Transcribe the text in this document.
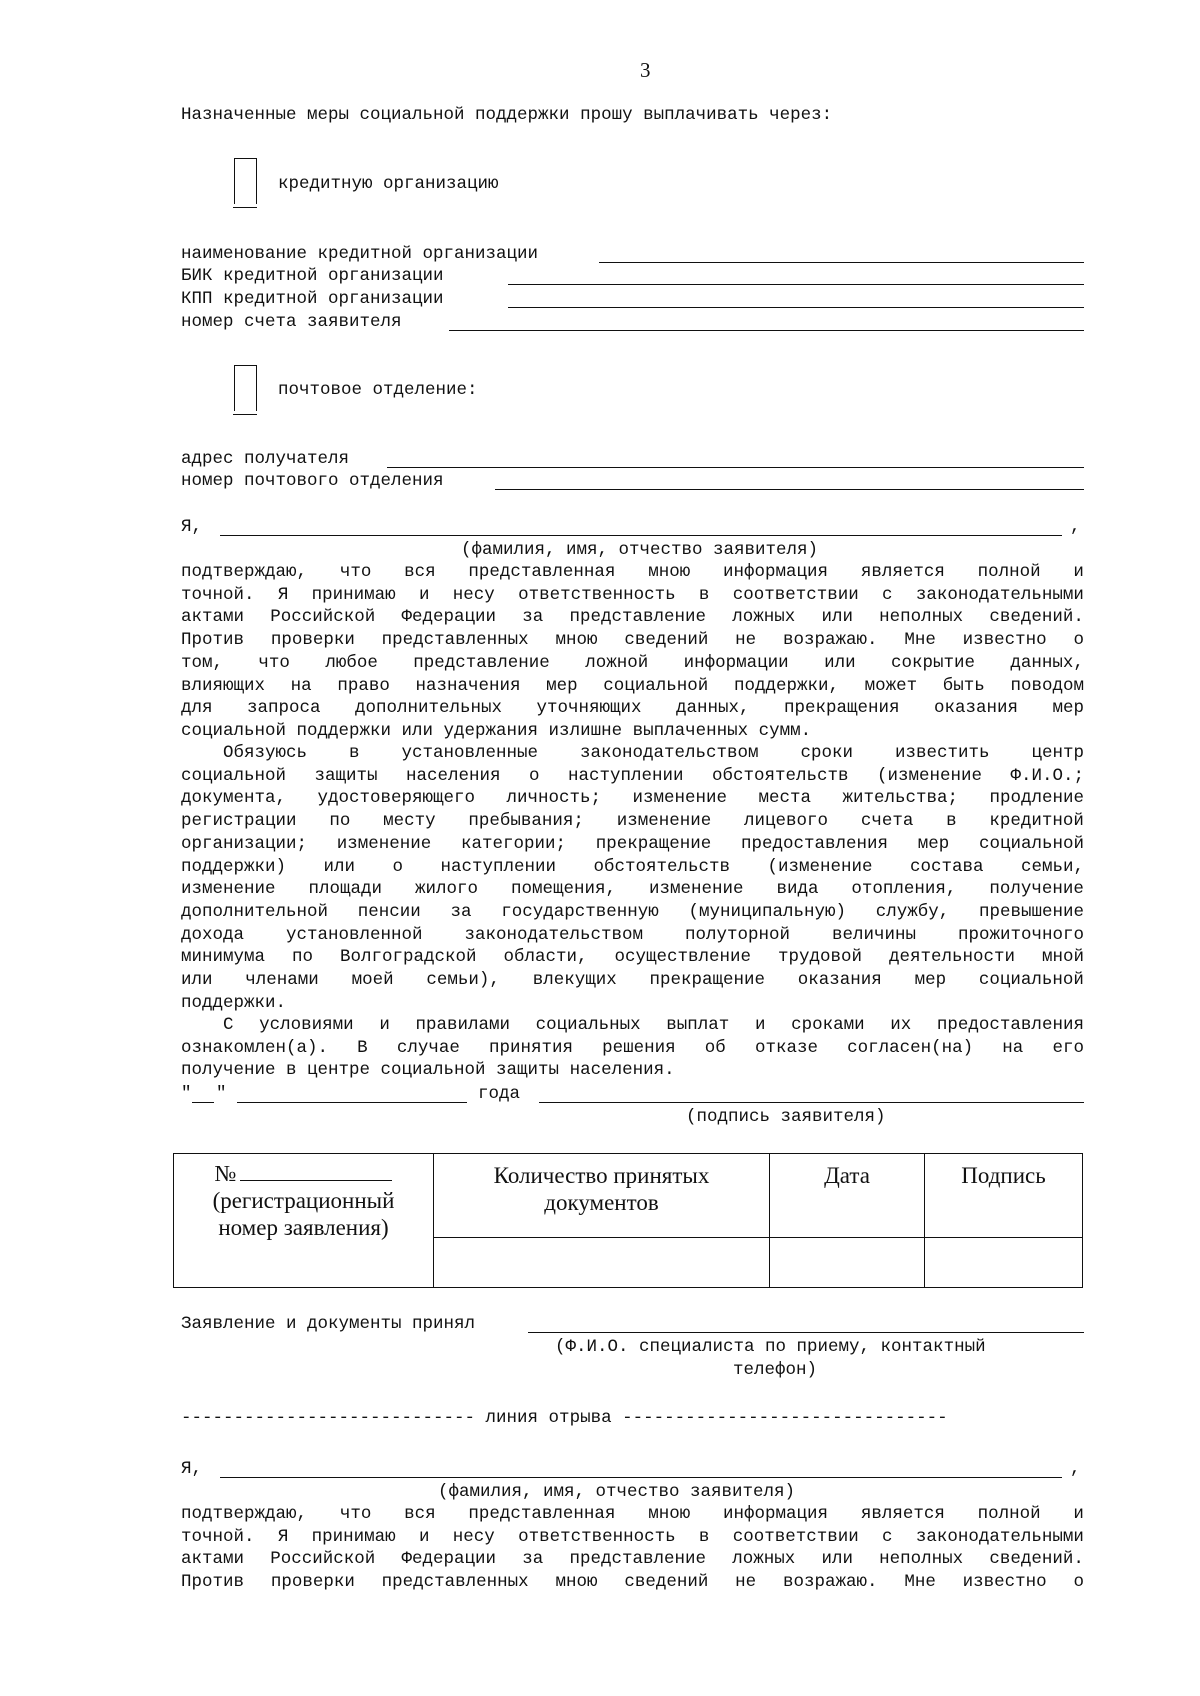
3
Назначенные меры социальной поддержки прошу выплачивать через:
кредитную организацию
наименование кредитной организации
БИК кредитной организации
КПП кредитной организации
номер счета заявителя
почтовое отделение:
адрес получателя
номер почтового отделения
Я,	,
(фамилия, имя, отчество заявителя)
подтверждаю, что вся представленная мною информация является полной и
точной. Я принимаю и несу ответственность в соответствии с законодательными
актами Российской Федерации за представление ложных или неполных сведений.
Против проверки представленных мною сведений не возражаю. Мне известно о
том, что любое представление ложной информации или сокрытие данных,
влияющих на право назначения мер социальной поддержки, может быть поводом
для запроса дополнительных уточняющих данных, прекращения оказания мер
социальной поддержки или удержания излишне выплаченных сумм.
Обязуюсь в установленные законодательством сроки известить центр
социальной защиты населения о наступлении обстоятельств (изменение Ф.И.О.;
документа, удостоверяющего личность; изменение места жительства; продление
регистрации по месту пребывания; изменение лицевого счета в кредитной
организации; изменение категории; прекращение предоставления мер социальной
поддержки) или о наступлении обстоятельств (изменение состава семьи,
изменение площади жилого помещения, изменение вида отопления, получение
дополнительной пенсии за государственную (муниципальную) службу, превышение
дохода установленной законодательством полуторной величины прожиточного
минимума по Волгоградской области, осуществление трудовой деятельности мной
или членами моей семьи), влекущих прекращение оказания мер социальной
поддержки.
С условиями и правилами социальных выплат и сроками их предоставления
ознакомлен(а). В случае принятия решения об отказе согласен(на) на его
получение в центре социальной защиты населения.
" "	года
(подпись заявителя)
№
(регистрационный номер заявления)	Количество принятых документов	Дата	Подпись

Заявление и документы принял
(Ф.И.О. специалиста по приему, контактный
телефон)
---------------------------- линия отрыва -------------------------------
Я,	,
(фамилия, имя, отчество заявителя)
подтверждаю, что вся представленная мною информация является полной и
точной. Я принимаю и несу ответственность в соответствии с законодательными
актами Российской Федерации за представление ложных или неполных сведений.
Против проверки представленных мною сведений не возражаю. Мне известно о
